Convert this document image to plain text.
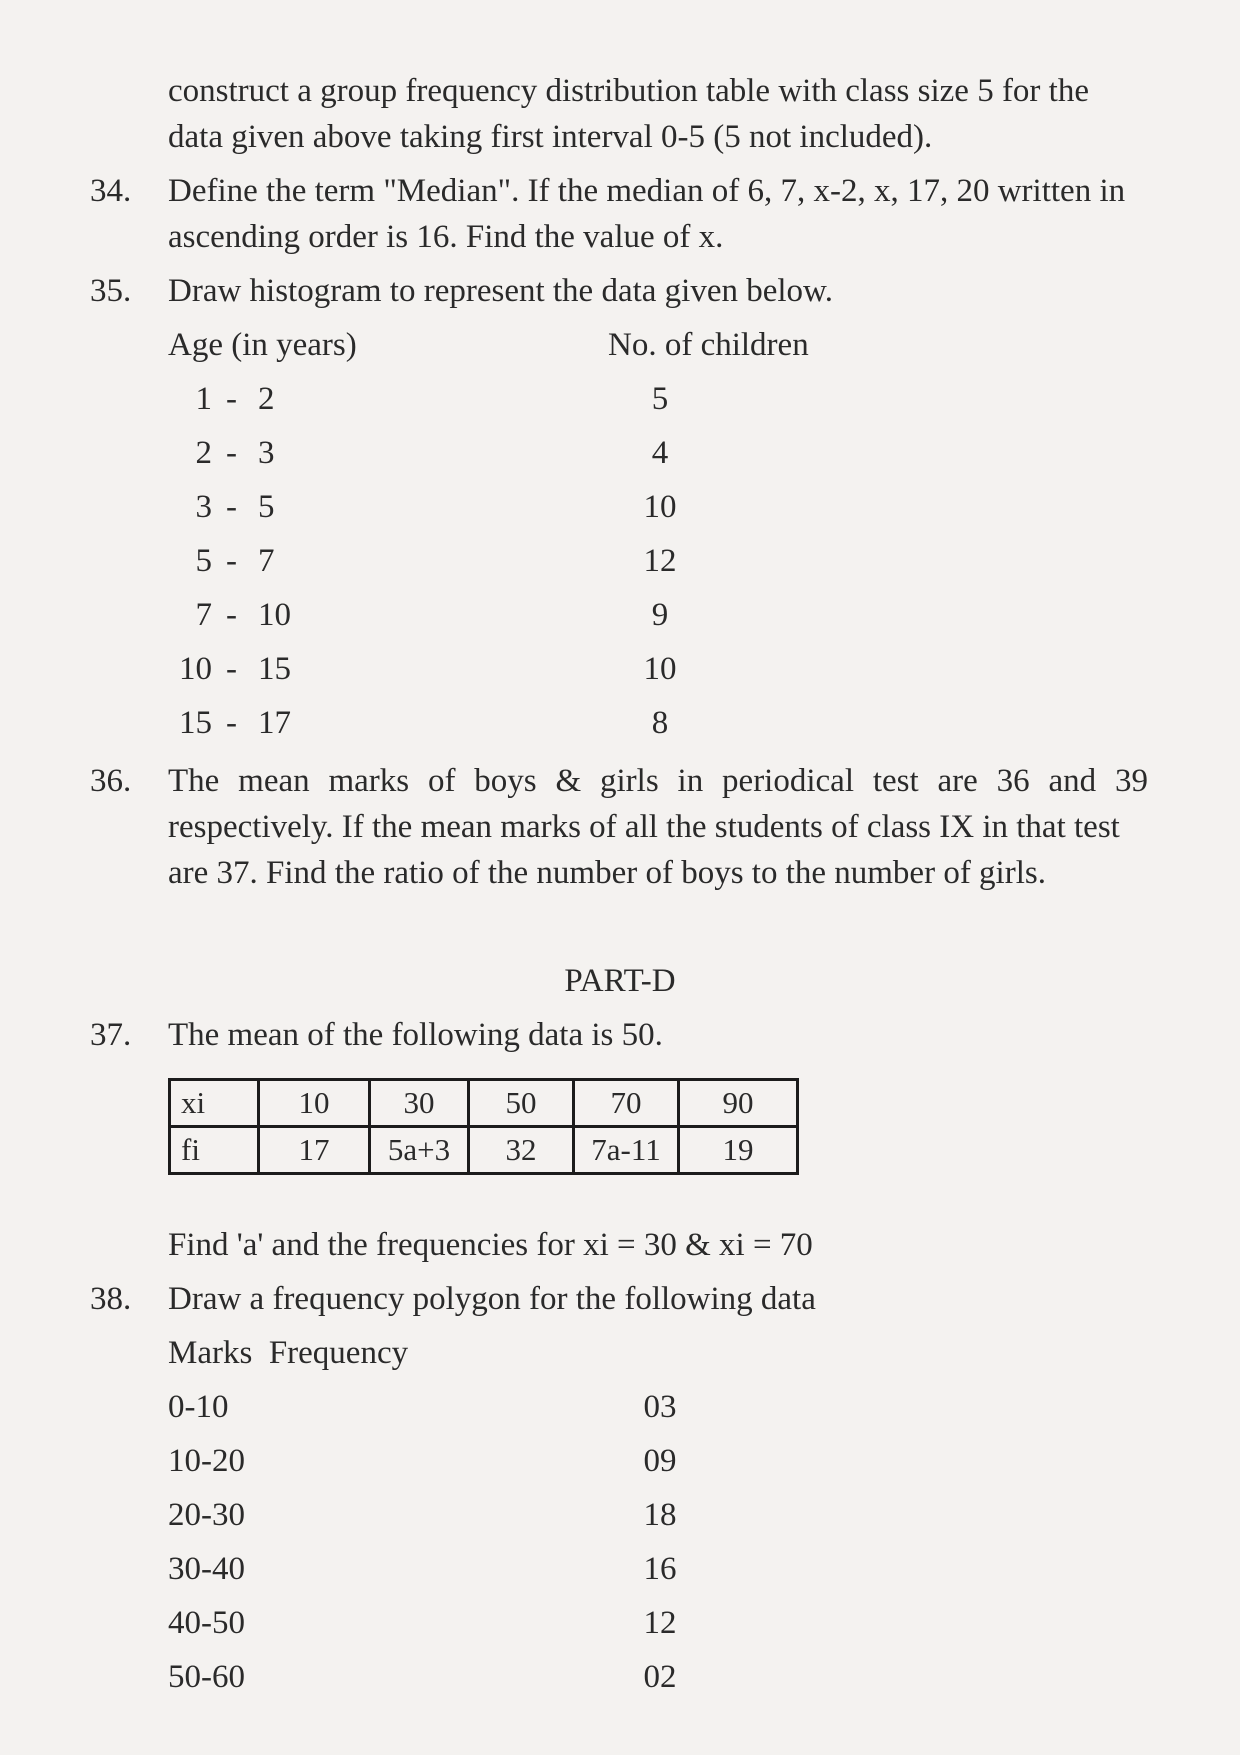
construct a group frequency distribution table with class size 5 for the
data given above taking first interval 0-5 (5 not included).
34. Define the term "Median". If the median of 6, 7, x-2, x, 17, 20 written in
ascending order is 16. Find the value of x.
35. Draw histogram to represent the data given below.
Age (in years)	No. of children
1 - 2	5
2 - 3	4
3 - 5	10
5 - 7	12
7 - 10	9
10 - 15	10
15 - 17	8
36. The mean marks of boys & girls in periodical test are 36 and 39
respectively. If the mean marks of all the students of class IX in that test
are 37. Find the ratio of the number of boys to the number of girls.
PART-D
37. The mean of the following data is 50.
xi	10	30	50	70	90
fi	17	5a+3	32	7a-11	19
Find 'a' and the frequencies for xi = 30 & xi = 70
38. Draw a frequency polygon for the following data
Marks  Frequency
0-10	03
10-20	09
20-30	18
30-40	16
40-50	12
50-60	02
